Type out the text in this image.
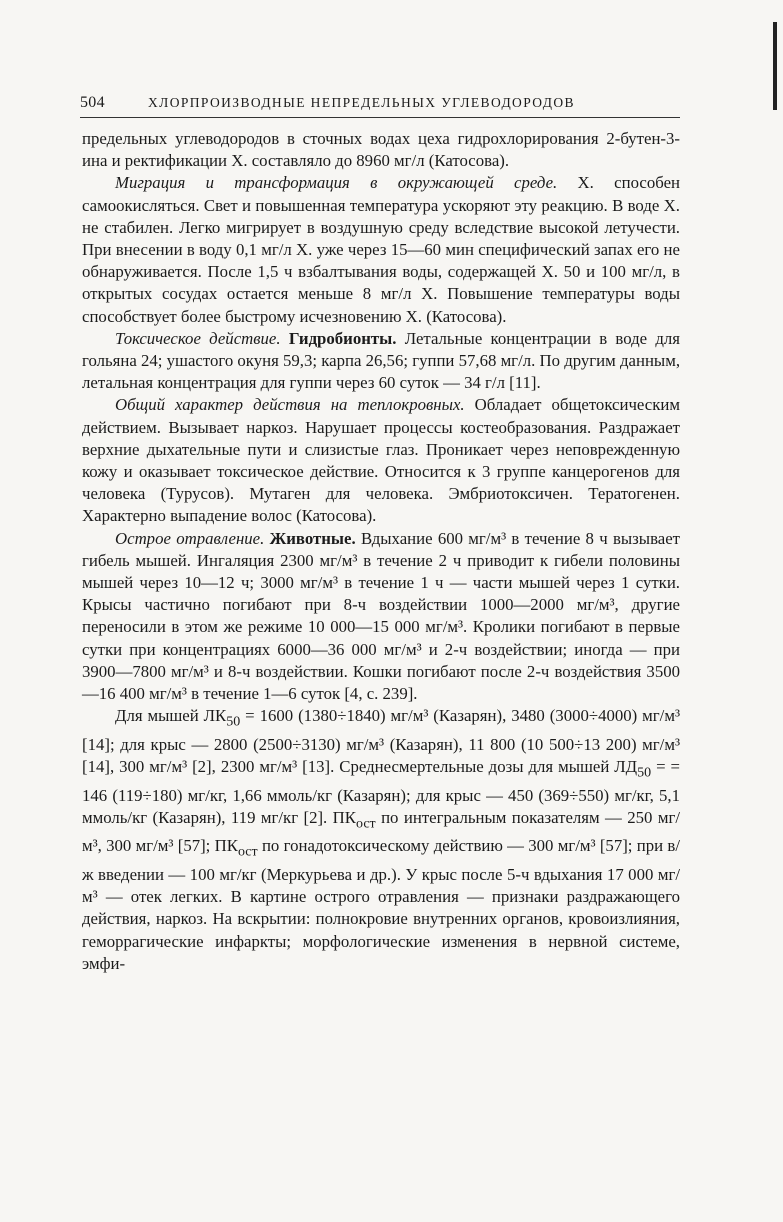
504	ХЛОРПРОИЗВОДНЫЕ НЕПРЕДЕЛЬНЫХ УГЛЕВОДОРОДОВ

предельных углеводородов в сточных водах цеха гидрохлорирования 2-бутен-3-ина и ректификации X. составляло до 8960 мг/л (Катосова).

Миграция и трансформация в окружающей среде. X. способен самоокисляться. Свет и повышенная температура ускоряют эту реакцию. В воде X. не стабилен. Легко мигрирует в воздушную среду вследствие высокой летучести. При внесении в воду 0,1 мг/л X. уже через 15—60 мин специфический запах его не обнаруживается. После 1,5 ч взбалтывания воды, содержащей X. 50 и 100 мг/л, в открытых сосудах остается меньше 8 мг/л X. Повышение температуры воды способствует более быстрому исчезновению X. (Катосова).

Токсическое действие. Гидробионты. Летальные концентрации в воде для гольяна 24; ушастого окуня 59,3; карпа 26,56; гуппи 57,68 мг/л. По другим данным, летальная концентрация для гуппи через 60 суток — 34 г/л [11].

Общий характер действия на теплокровных. Обладает общетоксическим действием. Вызывает наркоз. Нарушает процессы костеобразования. Раздражает верхние дыхательные пути и слизистые глаз. Проникает через неповрежденную кожу и оказывает токсическое действие. Относится к 3 группе канцерогенов для человека (Турусов). Мутаген для человека. Эмбриотоксичен. Тератогенен. Характерно выпадение волос (Катосова).

Острое отравление. Животные. Вдыхание 600 мг/м³ в течение 8 ч вызывает гибель мышей. Ингаляция 2300 мг/м³ в течение 2 ч приводит к гибели половины мышей через 10—12 ч; 3000 мг/м³ в течение 1 ч — части мышей через 1 сутки. Крысы частично погибают при 8-ч воздействии 1000—2000 мг/м³, другие переносили в этом же режиме 10 000—15 000 мг/м³. Кролики погибают в первые сутки при концентрациях 6000—36 000 мг/м³ и 2-ч воздействии; иногда — при 3900—7800 мг/м³ и 8-ч воздействии. Кошки погибают после 2-ч воздействия 3500—16 400 мг/м³ в течение 1—6 суток [4, с. 239].

Для мышей $ЛК_{50} = 1600$ (1380÷1840) мг/м³ (Казарян), 3480 (3000÷4000) мг/м³ [14]; для крыс — 2800 (2500÷3130) мг/м³ (Казарян), 11 800 (10 500÷13 200) мг/м³ [14], 300 мг/м³ [2], 2300 мг/м³ [13]. Среднесмертельные дозы для мышей $ЛД_{50}$ = = 146 (119÷180) мг/кг, 1,66 ммоль/кг (Казарян); для крыс — 450 (369÷550) мг/кг, 5,1 ммоль/кг (Казарян), 119 мг/кг [2]. $ПК_{ост}$ по интегральным показателям — 250 мг/м³, 300 мг/м³ [57]; $ПК_{ост}$ по гонадотоксическому действию — 300 мг/м³ [57]; при в/ж введении — 100 мг/кг (Меркурьева и др.). У крыс после 5-ч вдыхания 17 000 мг/м³ — отек легких. В картине острого отравления — признаки раздражающего действия, наркоз. На вскрытии: полнокровие внутренних органов, кровоизлияния, геморрагические инфаркты; морфологические изменения в нервной системе, эмфи-
